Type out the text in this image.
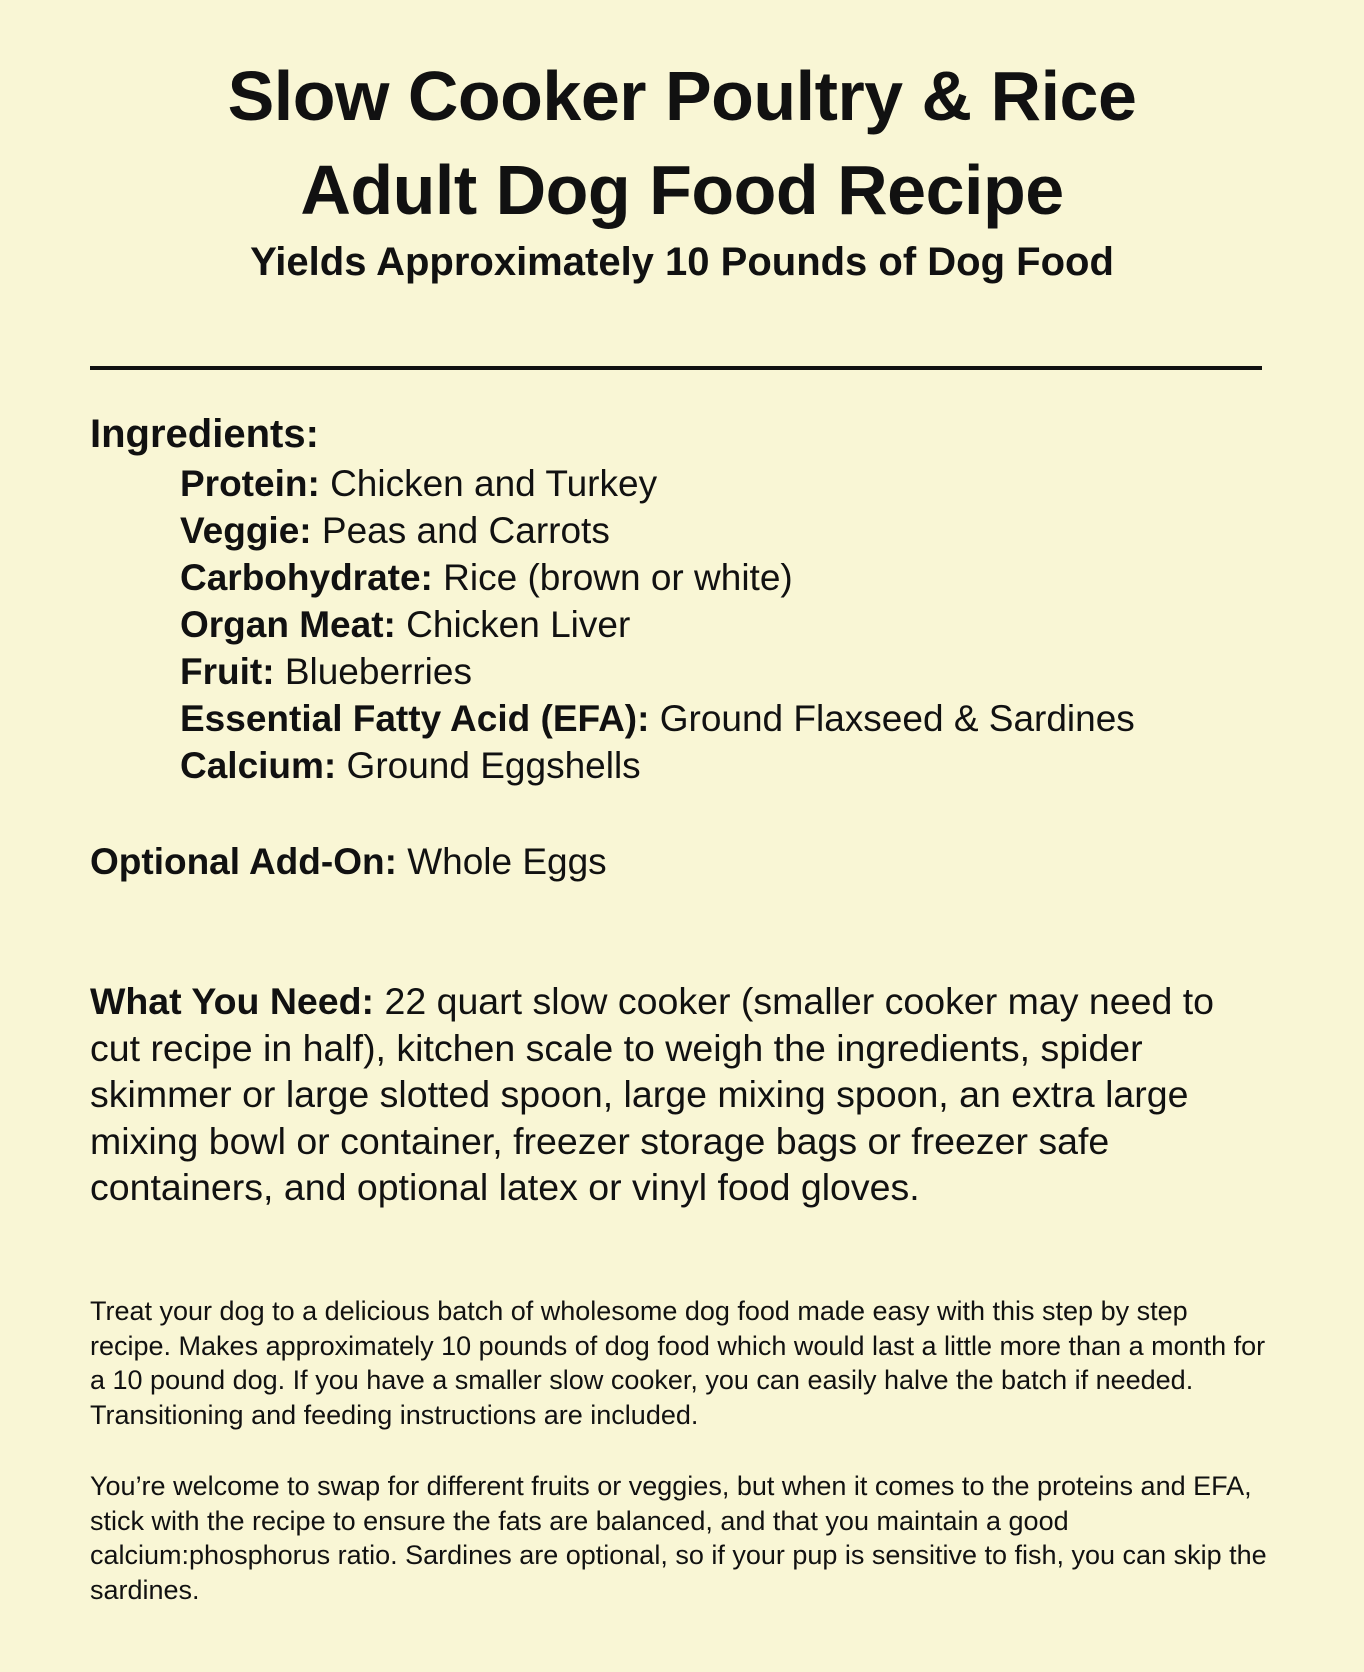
Slow Cooker Poultry & Rice
Adult Dog Food Recipe
Yields Approximately 10 Pounds of Dog Food
Ingredients:
Protein: Chicken and Turkey
Veggie: Peas and Carrots
Carbohydrate: Rice (brown or white)
Organ Meat: Chicken Liver
Fruit: Blueberries
Essential Fatty Acid (EFA): Ground Flaxseed & Sardines
Calcium: Ground Eggshells
Optional Add-On: Whole Eggs

What You Need: 22 quart slow cooker (smaller cooker may need to cut recipe in half), kitchen scale to weigh the ingredients, spider skimmer or large slotted spoon, large mixing spoon, an extra large mixing bowl or container, freezer storage bags or freezer safe containers, and optional latex or vinyl food gloves.

Treat your dog to a delicious batch of wholesome dog food made easy with this step by step recipe. Makes approximately 10 pounds of dog food which would last a little more than a month for a 10 pound dog. If you have a smaller slow cooker, you can easily halve the batch if needed. Transitioning and feeding instructions are included.

You’re welcome to swap for different fruits or veggies, but when it comes to the proteins and EFA, stick with the recipe to ensure the fats are balanced, and that you maintain a good calcium:phosphorus ratio. Sardines are optional, so if your pup is sensitive to fish, you can skip the sardines.
